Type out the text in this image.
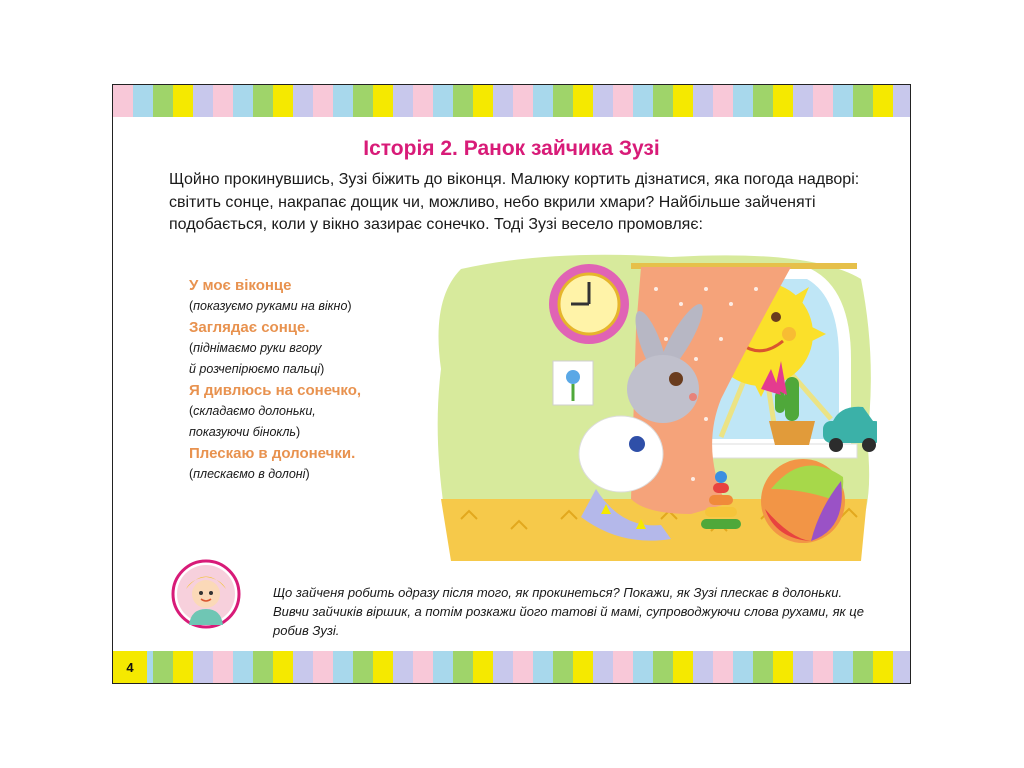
Історія 2. Ранок зайчика Зузі

Щойно прокинувшись, Зузі біжить до віконця. Малюку кортить дізнатися, яка погода надворі: світить сонце, накрапає дощик чи, можливо, небо вкрили хмари? Найбільше зайченяті подобається, коли у вікно зазирає сонечко. Тоді Зузі весело промовляє:

У моє віконце
(показуємо руками на вікно)
Заглядає сонце.
(піднімаємо руки вгору
й розчепірюємо пальці)
Я дивлюсь на сонечко,
(складаємо долоньки,
показуючи бінокль)
Плескаю в долонечки.
(плескаємо в долоні)

Що зайченя робить одразу після того, як прокинеться? Покажи, як Зузі плескає в долоньки. Вивчи зайчиків віршик, а потім розкажи його татові й мамі, супроводжуючи слова рухами, як це робив Зузі.

4
